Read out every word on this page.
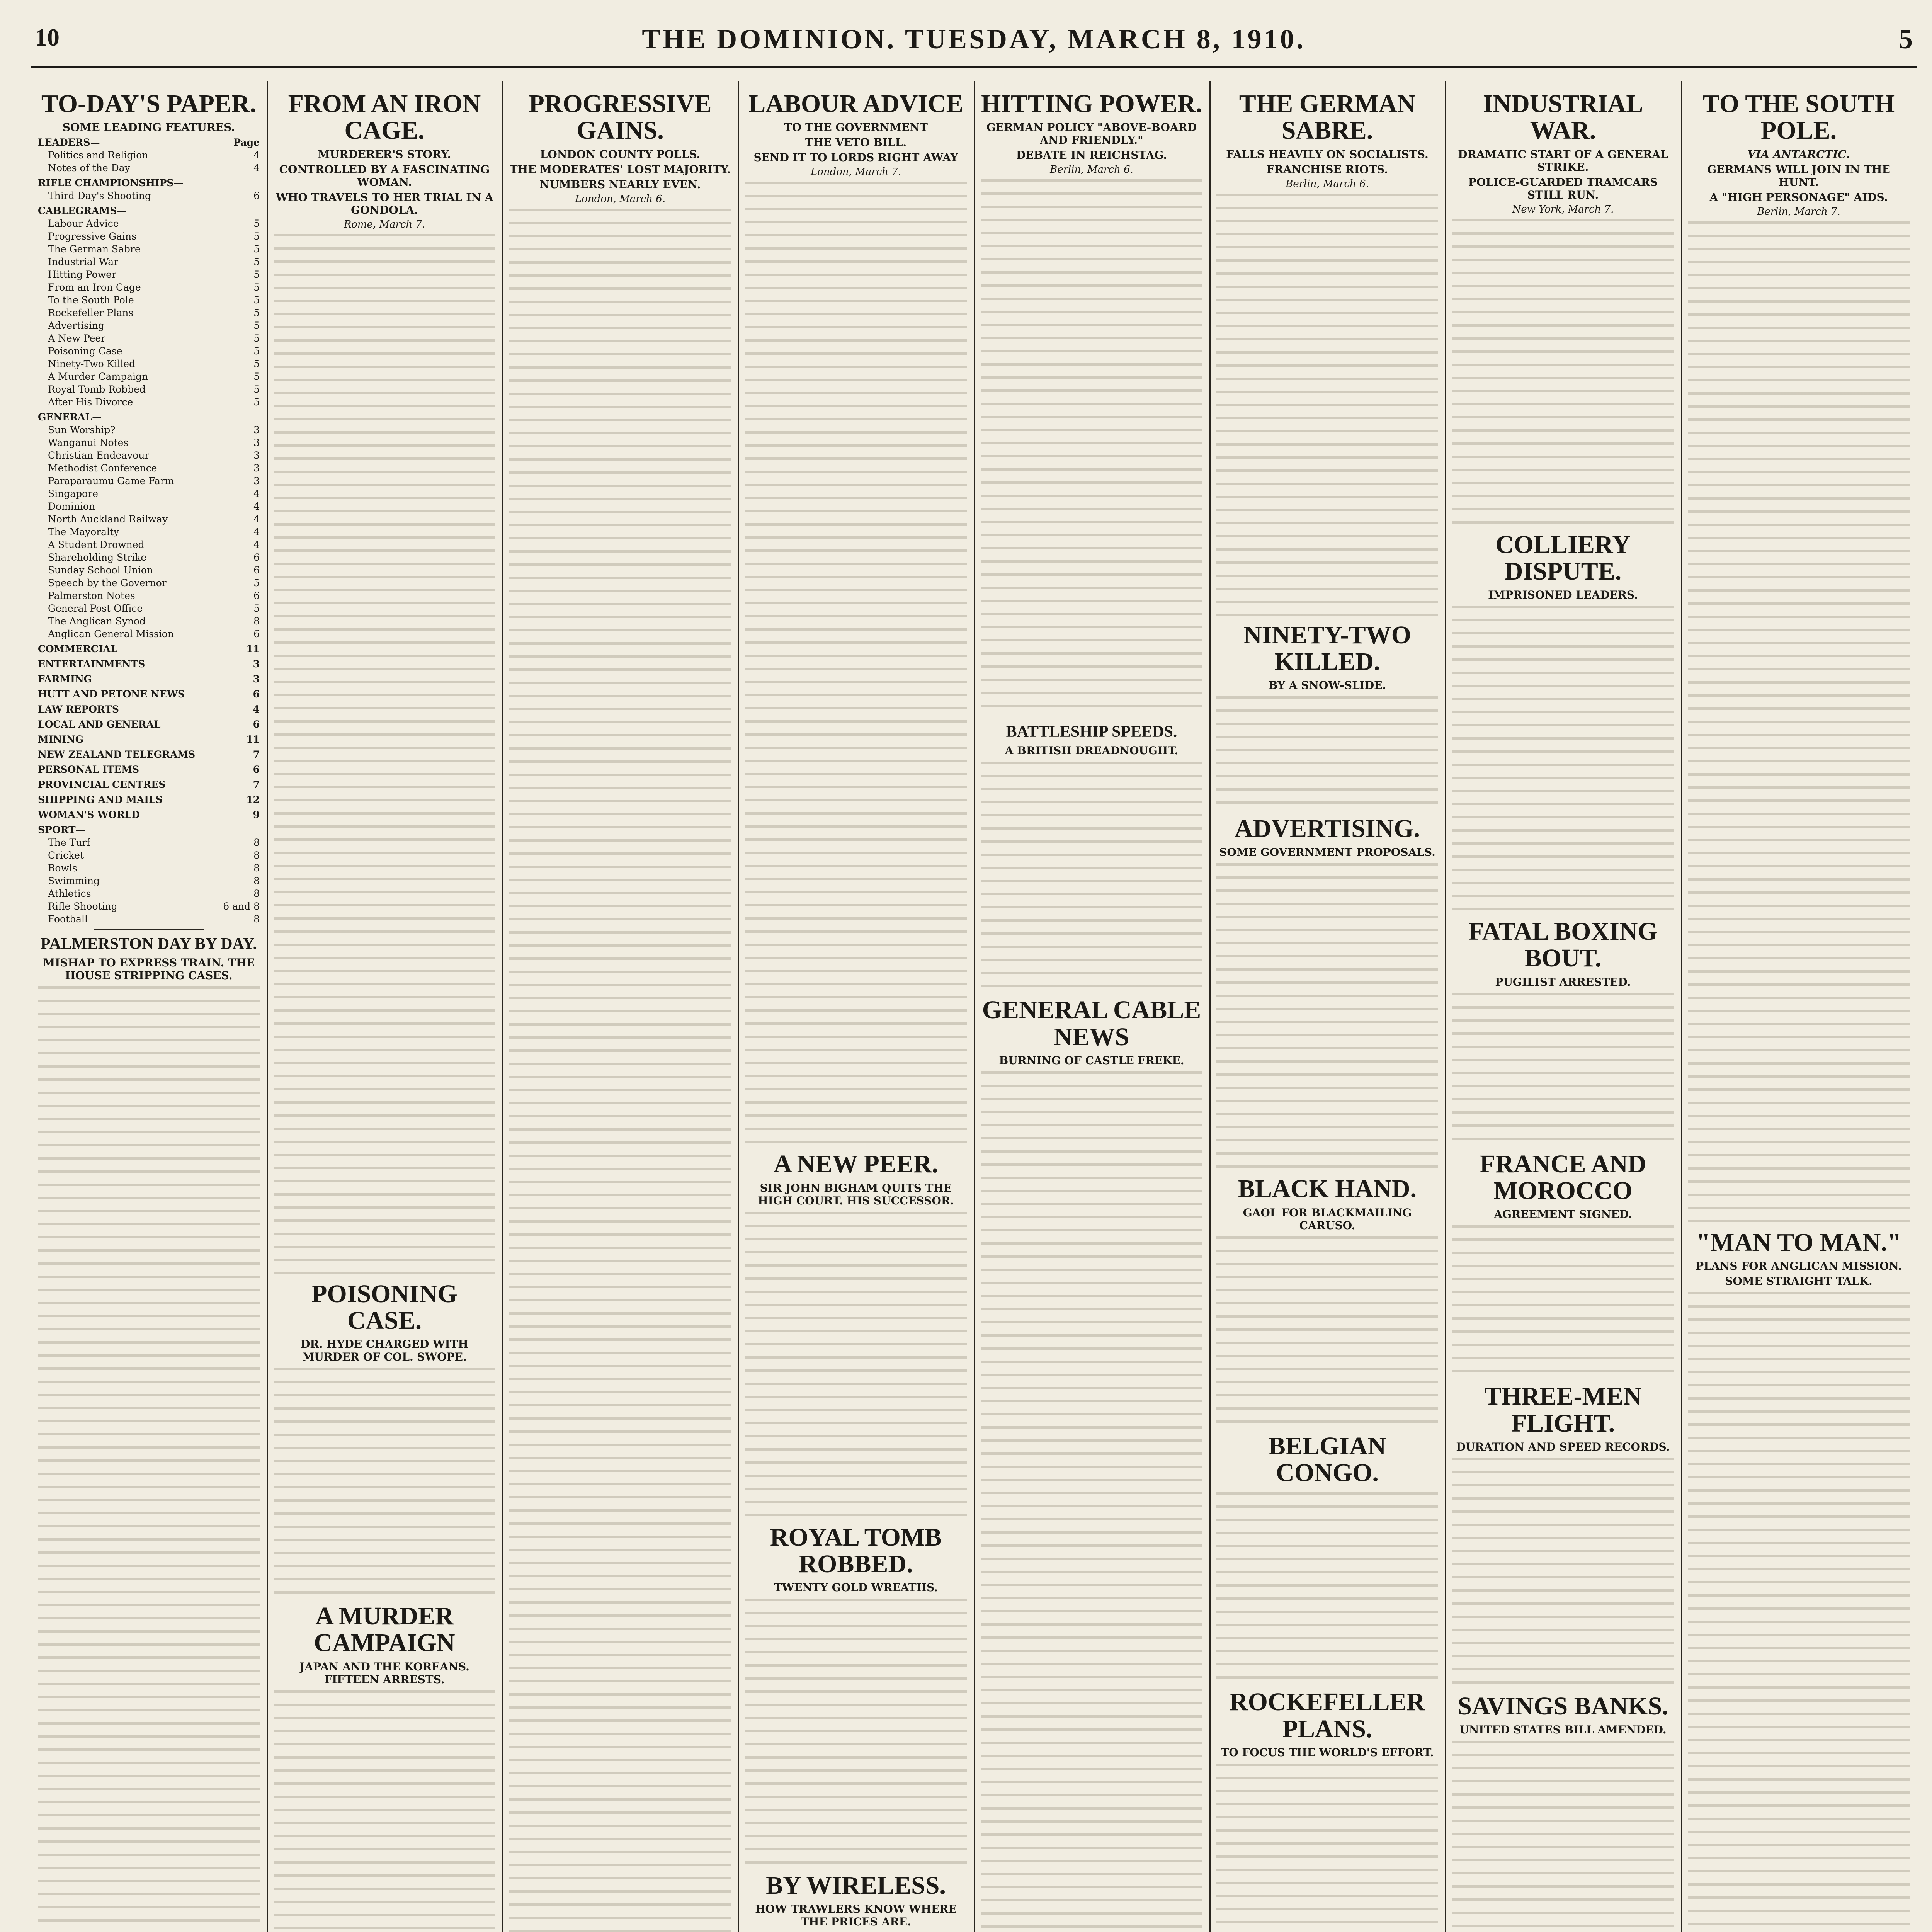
10	THE DOMINION. TUESDAY, MARCH 8, 1910.	5
TO-DAY'S PAPER.
SOME LEADING FEATURES.
LEADERS—	Page
Politics and Religion	4
Notes of the Day	4
RIFLE CHAMPIONSHIPS—
Third Day's Shooting	6
CABLEGRAMS—
Labour Advice	5
Progressive Gains	5
The German Sabre	5
Industrial War	5
Hitting Power	5
From an Iron Cage	5
To the South Pole	5
Rockefeller Plans	5
Advertising	5
A New Peer	5
Poisoning Case	5
Ninety-Two Killed	5
A Murder Campaign	5
Royal Tomb Robbed	5
After His Divorce	5
GENERAL—
Sun Worship?	3
Wanganui Notes	3
Christian Endeavour	3
Methodist Conference	3
Paraparaumu Game Farm	3
Singapore	4
Dominion	4
North Auckland Railway	4
The Mayoralty	4
A Student Drowned	4
Shareholding Strike	6
Sunday School Union	6
Speech by the Governor	5
Palmerston Notes	6
General Post Office	5
The Anglican Synod	8
Anglican General Mission	6
COMMERCIAL	11
ENTERTAINMENTS	3
FARMING	3
HUTT AND PETONE NEWS	6
LAW REPORTS	4
LOCAL AND GENERAL	6
MINING	11
NEW ZEALAND TELEGRAMS	7
PERSONAL ITEMS	6
PROVINCIAL CENTRES	7
SHIPPING AND MAILS	12
WOMAN'S WORLD	9
SPORT—
The Turf	8
Cricket	8
Bowls	8
Swimming	8
Athletics	8
Rifle Shooting	6 and 8
Football	8
PALMERSTON DAY BY DAY.
MISHAP TO EXPRESS TRAIN. THE HOUSE STRIPPING CASES.
FROM AN IRON CAGE.
MURDERER'S STORY.
CONTROLLED BY A FASCINATING WOMAN.
WHO TRAVELS TO HER TRIAL IN A GONDOLA.
Rome, March 7.
POISONING CASE.
DR. HYDE CHARGED WITH MURDER OF COL. SWOPE.
A MURDER CAMPAIGN
JAPAN AND THE KOREANS. FIFTEEN ARRESTS.
PROGRESSIVE GAINS.
LONDON COUNTY POLLS.
THE MODERATES' LOST MAJORITY.
NUMBERS NEARLY EVEN.
London, March 6.
LABOUR ADVICE
TO THE GOVERNMENT
THE VETO BILL.
SEND IT TO LORDS RIGHT AWAY
London, March 7.
A NEW PEER.
SIR JOHN BIGHAM QUITS THE HIGH COURT. HIS SUCCESSOR.
ROYAL TOMB ROBBED.
TWENTY GOLD WREATHS.
BY WIRELESS.
HOW TRAWLERS KNOW WHERE THE PRICES ARE.
HITTING POWER.
GERMAN POLICY "ABOVE-BOARD AND FRIENDLY."
DEBATE IN REICHSTAG.
Berlin, March 6.
BATTLESHIP SPEEDS.
A BRITISH DREADNOUGHT.
GENERAL CABLE NEWS
BURNING OF CASTLE FREKE.
THE GERMAN SABRE.
FALLS HEAVILY ON SOCIALISTS.
FRANCHISE RIOTS.
Berlin, March 6.
NINETY-TWO KILLED.
BY A SNOW-SLIDE.
ADVERTISING.
SOME GOVERNMENT PROPOSALS.
BLACK HAND.
GAOL FOR BLACKMAILING CARUSO.
BELGIAN CONGO.
ROCKEFELLER PLANS.
TO FOCUS THE WORLD'S EFFORT.
INDUSTRIAL WAR.
DRAMATIC START OF A GENERAL STRIKE.
POLICE-GUARDED TRAMCARS STILL RUN.
New York, March 7.
COLLIERY DISPUTE.
IMPRISONED LEADERS.
FATAL BOXING BOUT.
PUGILIST ARRESTED.
FRANCE AND MOROCCO
AGREEMENT SIGNED.
THREE-MEN FLIGHT.
DURATION AND SPEED RECORDS.
SAVINGS BANKS.
UNITED STATES BILL AMENDED.
TO THE SOUTH POLE.
VIA ANTARCTIC.
GERMANS WILL JOIN IN THE HUNT.
A "HIGH PERSONAGE" AIDS.
Berlin, March 7.
"MAN TO MAN."
PLANS FOR ANGLICAN MISSION.
SOME STRAIGHT TALK.
